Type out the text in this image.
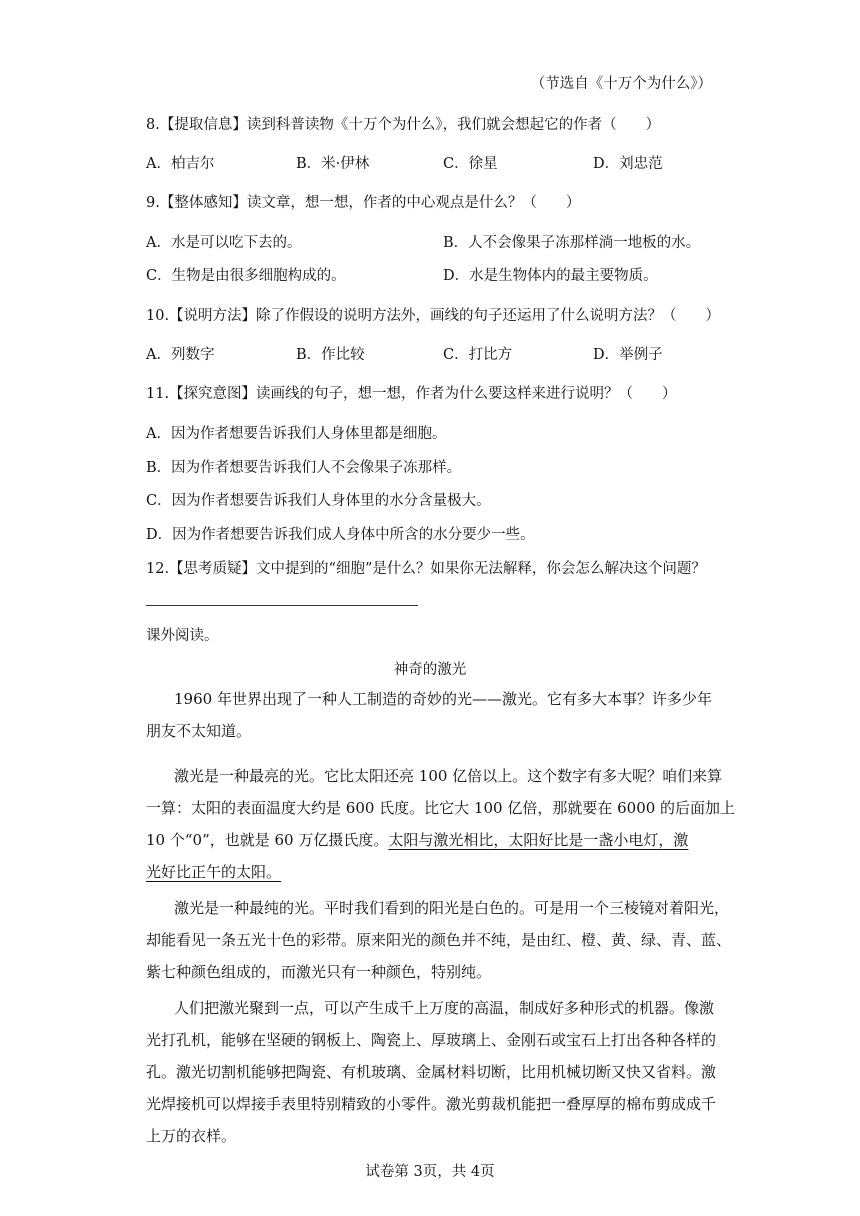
（节选自《十万个为什么》）
8.【提取信息】读到科普读物《十万个为什么》，我们就会想起它的作者（　　）
A．柏吉尔	B．米·伊林	C．徐星	D．刘忠范
9.【整体感知】读文章，想一想，作者的中心观点是什么？（　　）
A．水是可以吃下去的。	B．人不会像果子冻那样淌一地板的水。
C．生物是由很多细胞构成的。	D．水是生物体内的最主要物质。
10.【说明方法】除了作假设的说明方法外，画线的句子还运用了什么说明方法？（　　）
A．列数字	B．作比较	C．打比方	D．举例子
11.【探究意图】读画线的句子，想一想，作者为什么要这样来进行说明？（　　）
A．因为作者想要告诉我们人身体里都是细胞。
B．因为作者想要告诉我们人不会像果子冻那样。
C．因为作者想要告诉我们人身体里的水分含量极大。
D．因为作者想要告诉我们成人身体中所含的水分要少一些。
12.【思考质疑】文中提到的“细胞”是什么？如果你无法解释，你会怎么解决这个问题？
课外阅读。
神奇的激光
1960 年世界出现了一种人工制造的奇妙的光——激光。它有多大本事？许多少年
朋友不太知道。
激光是一种最亮的光。它比太阳还亮 100 亿倍以上。这个数字有多大呢？咱们来算
一算：太阳的表面温度大约是 600 氏度。比它大 100 亿倍，那就要在 6000 的后面加上
10 个“0”，也就是 60 万亿摄氏度。太阳与激光相比，太阳好比是一盏小电灯，激
光好比正午的太阳。
激光是一种最纯的光。平时我们看到的阳光是白色的。可是用一个三棱镜对着阳光，
却能看见一条五光十色的彩带。原来阳光的颜色并不纯，是由红、橙、黄、绿、青、蓝、
紫七种颜色组成的，而激光只有一种颜色，特别纯。
人们把激光聚到一点，可以产生成千上万度的高温，制成好多种形式的机器。像激
光打孔机，能够在坚硬的钢板上、陶瓷上、厚玻璃上、金刚石或宝石上打出各种各样的
孔。激光切割机能够把陶瓷、有机玻璃、金属材料切断，比用机械切断又快又省料。激
光焊接机可以焊接手表里特别精致的小零件。激光剪裁机能把一叠厚厚的棉布剪成成千
上万的衣样。
试卷第 3页，共 4页
